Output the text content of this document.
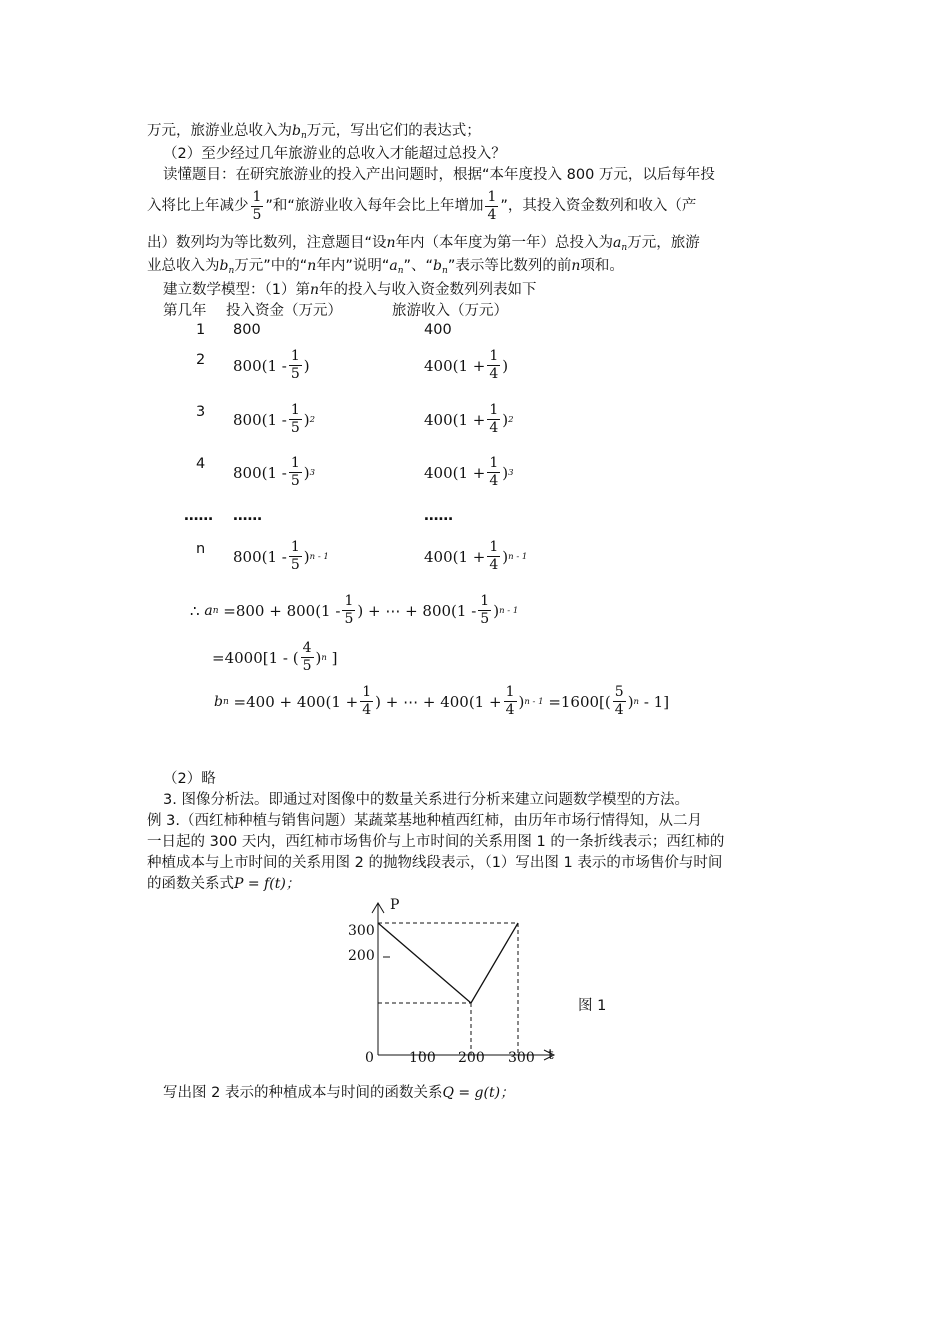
万元，旅游业总收入为$b_n$万元，写出它们的表达式；
（2）至少经过几年旅游业的总收入才能超过总投入？
读懂题目：在研究旅游业的投入产出问题时，根据“本年度投入 800 万元，以后每年投
入将比上年减少 $\frac{1}{5}$ ”和“旅游业收入每年会比上年增加 $\frac{1}{4}$ ”，其投入资金数列和收入（产
出）数列均为等比数列，注意题目“设n年内（本年度为第一年）总投入为$a_n$万元，旅游
业总收入为$b_n$万元”中的“n年内”说明“$a_n$”、“$b_n$”表示等比数列的前n项和。
建立数学模型：（1）第n年的投入与收入资金数列列表如下
第几年 投入资金（万元）	旅游收入（万元）
1 800	400
2 $800(1 - \frac{1}{5}$ )	$400(1 + \frac{1}{4}$ )
3 $800(1 - \frac{1}{5}$ ) 2	$400(1 + \frac{1}{4}$ ) 2
4 $800(1 - \frac{1}{5}$ ) 3	$400(1 + \frac{1}{4}$ ) 3
…… ……	……
n $800(1 - \frac{1}{5}$ ) n - 1	$400(1 + \frac{1}{4}$ ) n - 1
∴
a n
$=800 + 800(1 - \frac{1}{5}$ ) + ⋯ + $800(1 - \frac{1}{5}$ ) n - 1
=4000[1 - ( $\frac{4}{5}$ ) n
]
b n
$=400 + 400(1 + \frac{1}{4}$ ) + ⋯ + $400(1 + \frac{1}{4}$ ) n - 1
$=1600[( \frac{5}{4}$ ) n
- 1]
（2）略
3. 图像分析法。即通过对图像中的数量关系进行分析来建立问题数学模型的方法。
例 3.（西红柿种植与销售问题）某蔬菜基地种植西红柿，由历年市场行情得知，从二月
一日起的 300 天内，西红柿市场售价与上市时间的关系用图 1 的一条折线表示；西红柿的
种植成本与上市时间的关系用图 2 的抛物线段表示，（1）写出图 1 表示的市场售价与时间
的函数关系式P = f(t)；
P
300
200
0	100 200 300 t
图 1
写出图 2 表示的种植成本与时间的函数关系Q = g(t)；
